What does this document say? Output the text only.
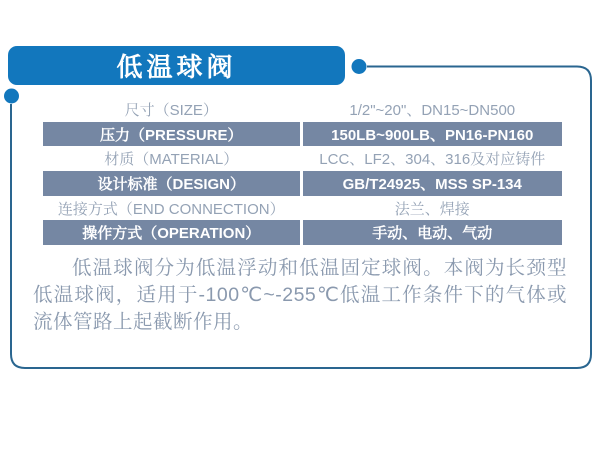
低温球阀
尺寸（SIZE）	1/2"~20"、DN15~DN500
压力（PRESSURE）	150LB~900LB、PN16-PN160
材质（MATERIAL）	LCC、LF2、304、316及对应铸件
设计标准（DESIGN）	GB/T24925、MSS SP-134
连接方式（END CONNECTION）	法兰、焊接
操作方式（OPERATION）	手动、电动、气动

低温球阀分为低温浮动和低温固定球阀。本阀为长颈型低温球阀，适用于-100℃~-255℃低温工作条件下的气体或流体管路上起截断作用。
